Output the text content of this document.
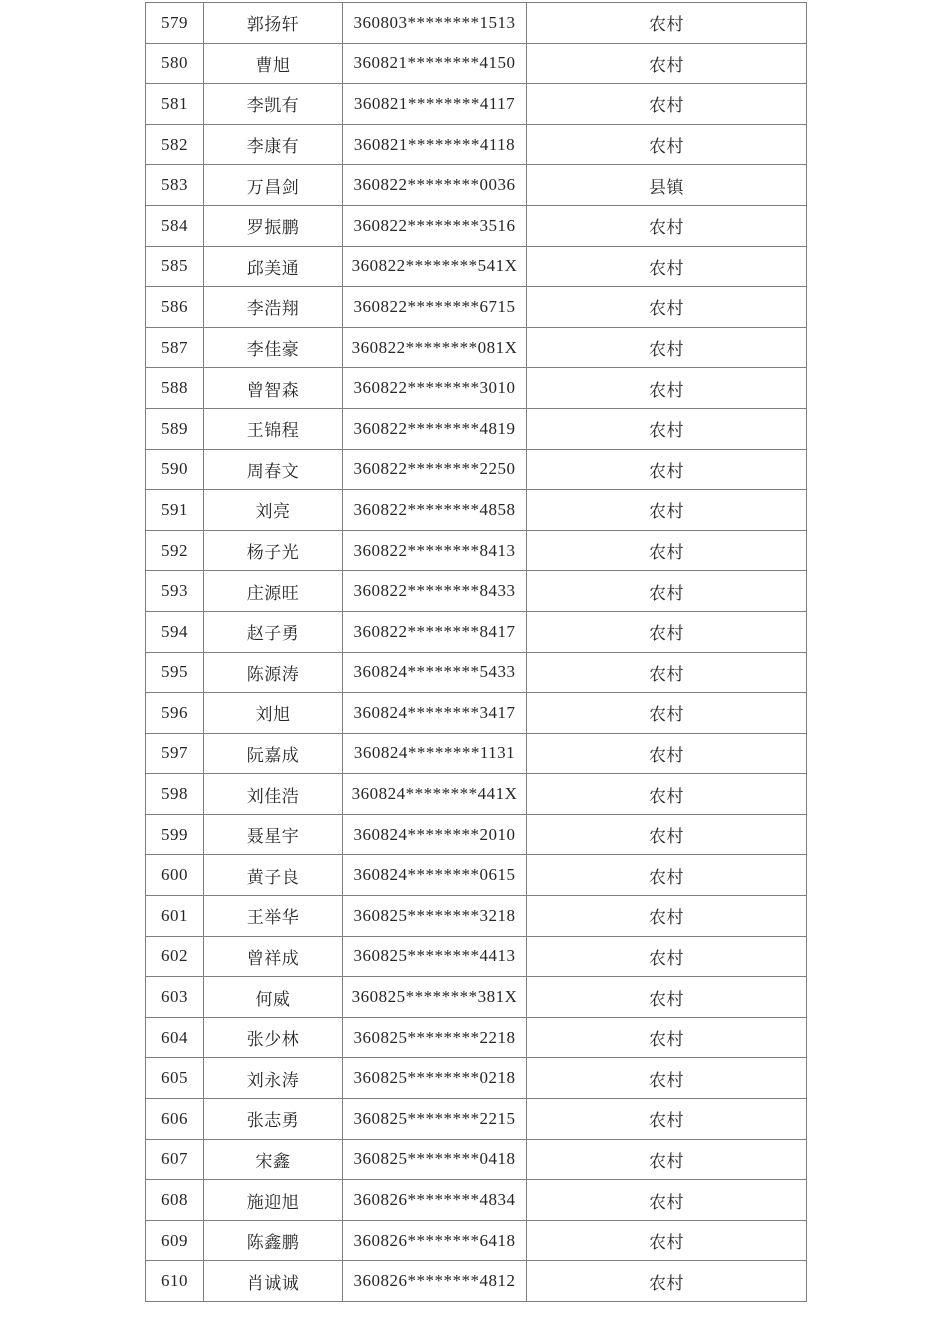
579	郭扬轩	360803********1513	农村
580	曹旭	360821********4150	农村
581	李凯有	360821********4117	农村
582	李康有	360821********4118	农村
583	万昌剑	360822********0036	县镇
584	罗振鹏	360822********3516	农村
585	邱美通	360822********541X	农村
586	李浩翔	360822********6715	农村
587	李佳豪	360822********081X	农村
588	曾智森	360822********3010	农村
589	王锦程	360822********4819	农村
590	周春文	360822********2250	农村
591	刘亮	360822********4858	农村
592	杨子光	360822********8413	农村
593	庄源旺	360822********8433	农村
594	赵子勇	360822********8417	农村
595	陈源涛	360824********5433	农村
596	刘旭	360824********3417	农村
597	阮嘉成	360824********1131	农村
598	刘佳浩	360824********441X	农村
599	聂星宇	360824********2010	农村
600	黄子良	360824********0615	农村
601	王举华	360825********3218	农村
602	曾祥成	360825********4413	农村
603	何威	360825********381X	农村
604	张少林	360825********2218	农村
605	刘永涛	360825********0218	农村
606	张志勇	360825********2215	农村
607	宋鑫	360825********0418	农村
608	施迎旭	360826********4834	农村
609	陈鑫鹏	360826********6418	农村
610	肖诚诚	360826********4812	农村
